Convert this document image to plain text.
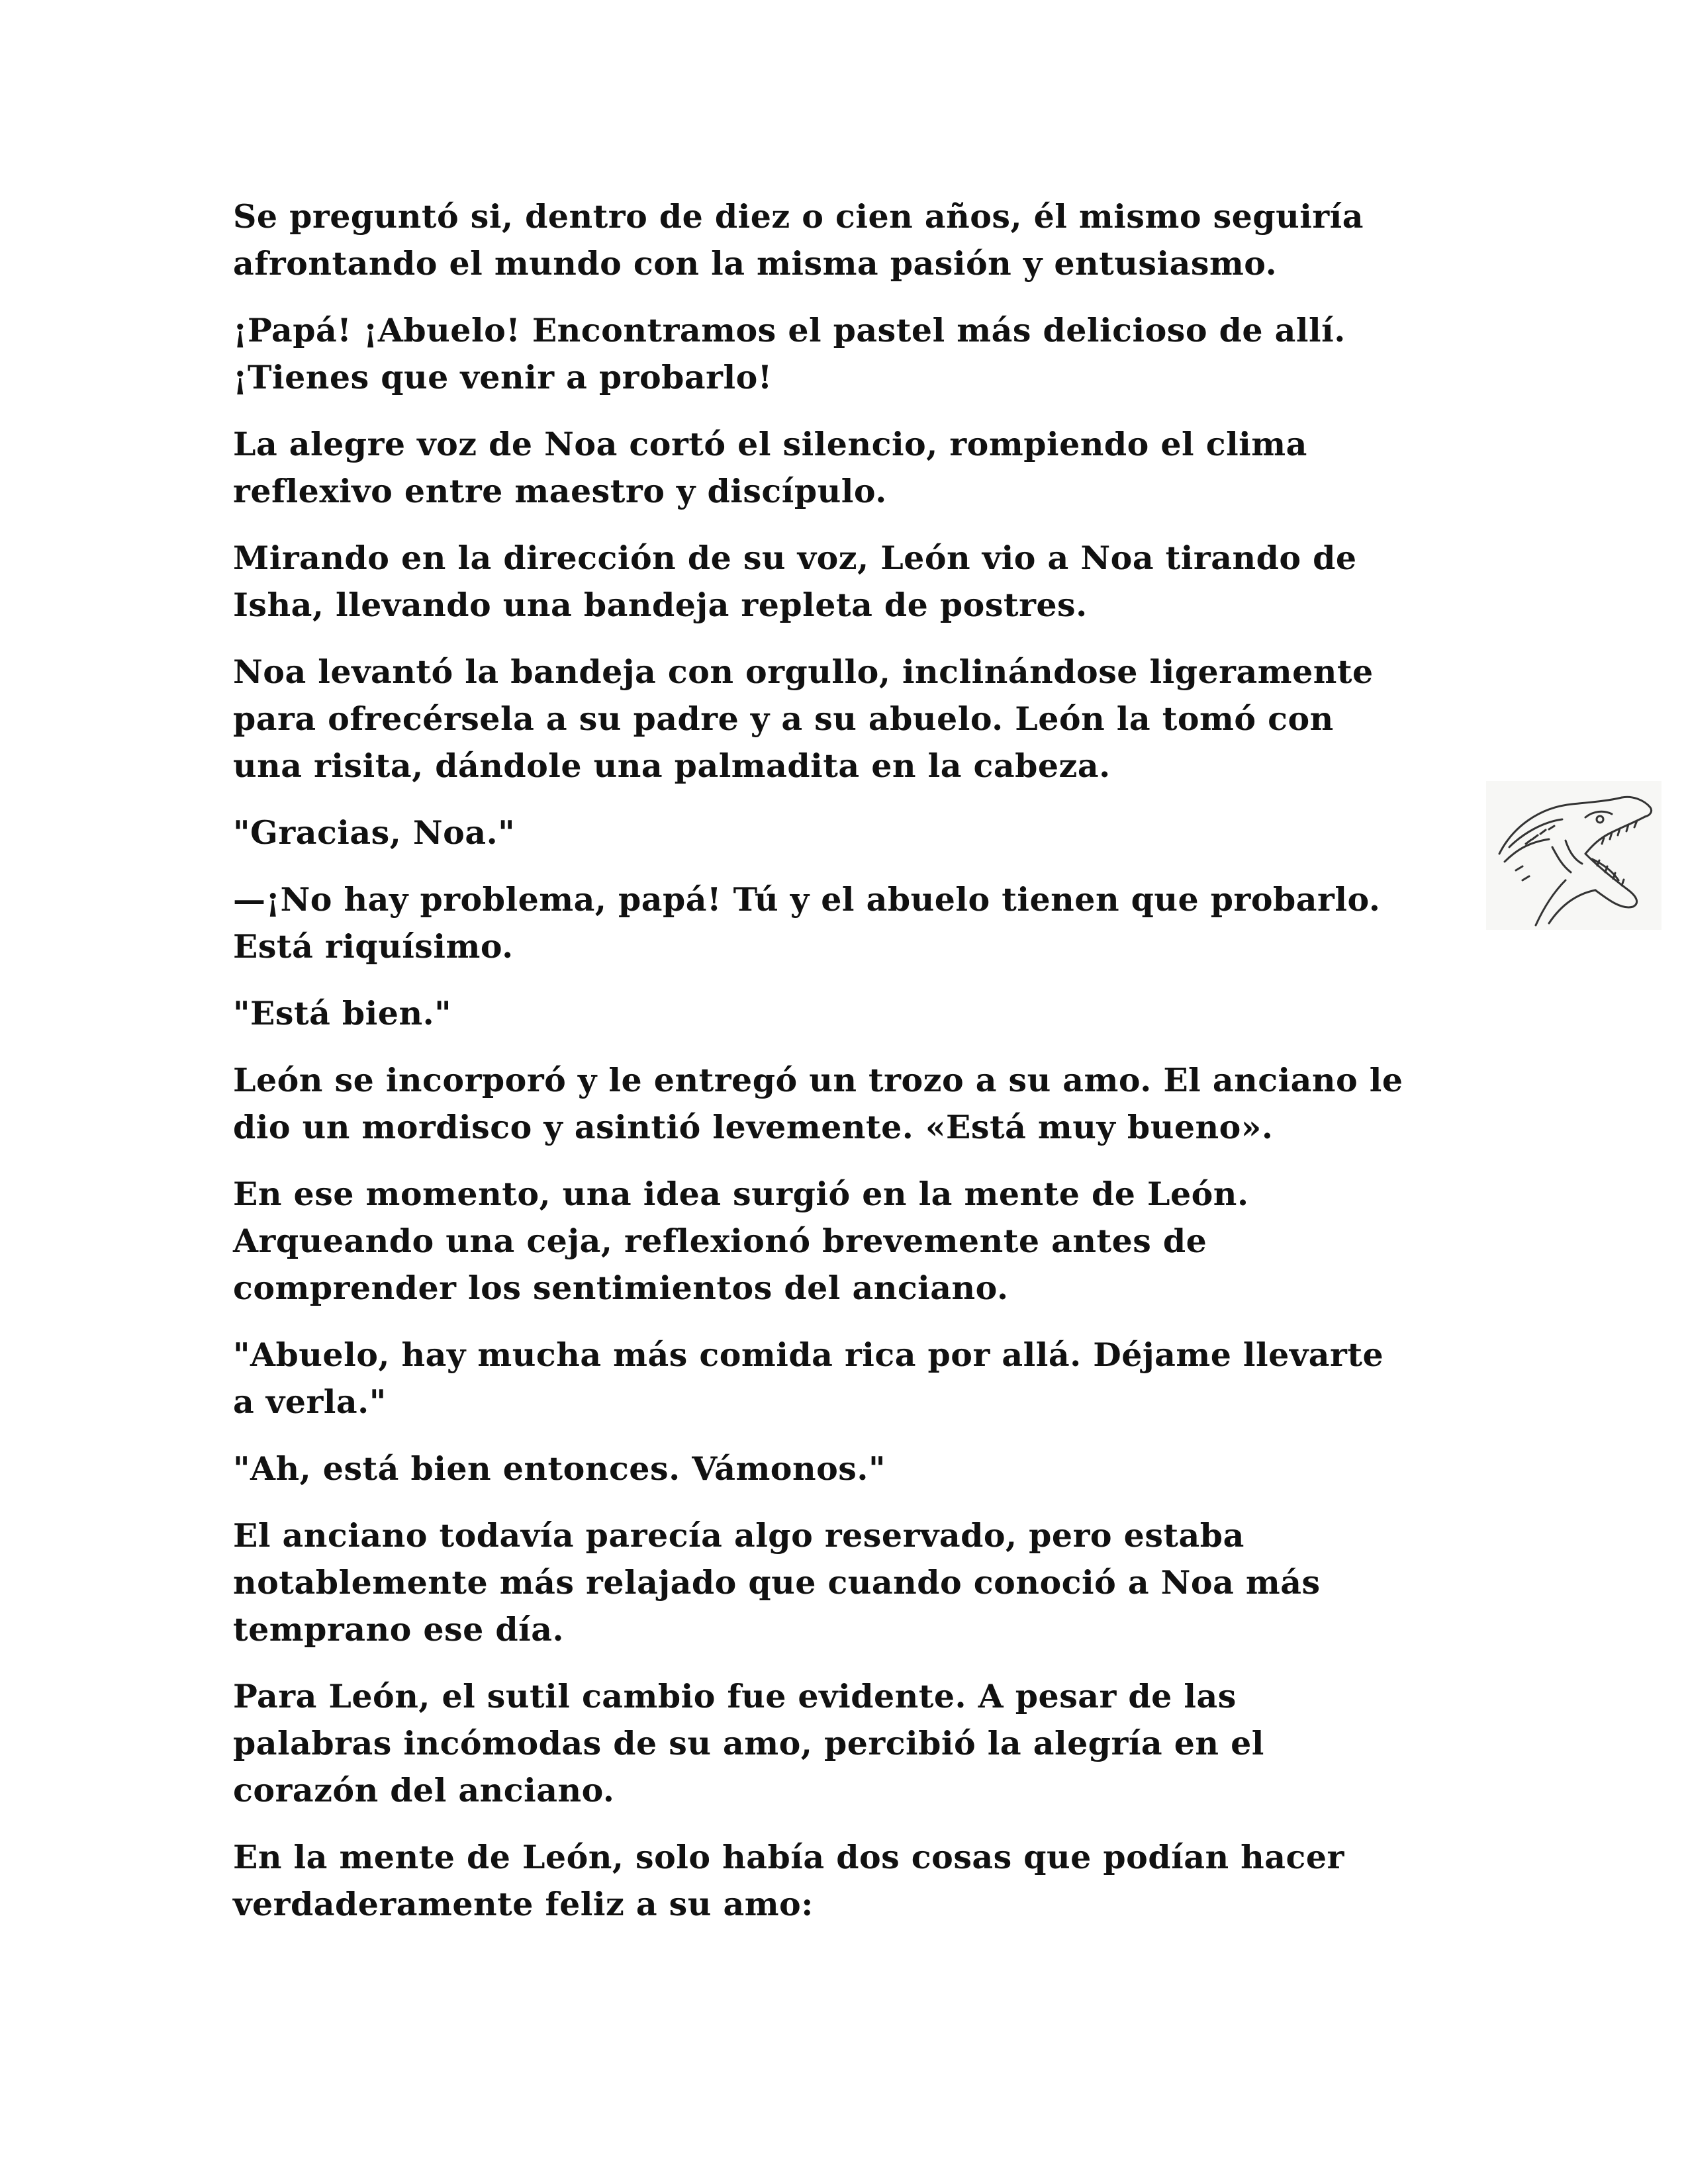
Se preguntó si, dentro de diez o cien años, él mismo seguiría
afrontando el mundo con la misma pasión y entusiasmo.

¡Papá! ¡Abuelo! Encontramos el pastel más delicioso de allí.
¡Tienes que venir a probarlo!

La alegre voz de Noa cortó el silencio, rompiendo el clima
reflexivo entre maestro y discípulo.

Mirando en la dirección de su voz, León vio a Noa tirando de
Isha, llevando una bandeja repleta de postres.

Noa levantó la bandeja con orgullo, inclinándose ligeramente
para ofrecérsela a su padre y a su abuelo. León la tomó con
una risita, dándole una palmadita en la cabeza.

"Gracias, Noa."

—¡No hay problema, papá! Tú y el abuelo tienen que probarlo.
Está riquísimo.

"Está bien."

León se incorporó y le entregó un trozo a su amo. El anciano le
dio un mordisco y asintió levemente. «Está muy bueno».

En ese momento, una idea surgió en la mente de León.
Arqueando una ceja, reflexionó brevemente antes de
comprender los sentimientos del anciano.

"Abuelo, hay mucha más comida rica por allá. Déjame llevarte
a verla."

"Ah, está bien entonces. Vámonos."

El anciano todavía parecía algo reservado, pero estaba
notablemente más relajado que cuando conoció a Noa más
temprano ese día.

Para León, el sutil cambio fue evidente. A pesar de las
palabras incómodas de su amo, percibió la alegría en el
corazón del anciano.

En la mente de León, solo había dos cosas que podían hacer
verdaderamente feliz a su amo:
